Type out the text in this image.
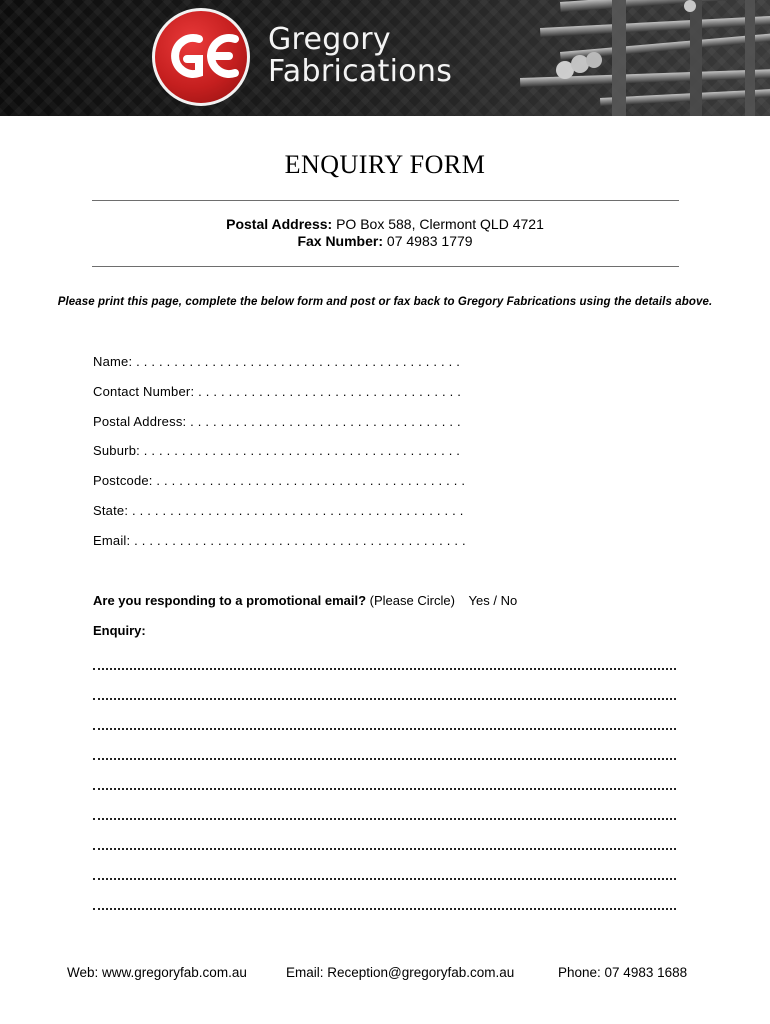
Gregory
Fabrications
ENQUIRY FORM
Postal Address: PO Box 588, Clermont QLD 4721
Fax Number: 07 4983 1779
Please print this page, complete the below form and post or fax back to Gregory Fabrications using the details above.
Name: . . . . . . . . . . . . . . . . . . . . . . . . . . . . . . . . . . . . . . . . . . .
Contact Number: . . . . . . . . . . . . . . . . . . . . . . . . . . . . . . . . . . .
Postal Address: . . . . . . . . . . . . . . . . . . . . . . . . . . . . . . . . . . . .
Suburb: . . . . . . . . . . . . . . . . . . . . . . . . . . . . . . . . . . . . . . . . . .
Postcode: . . . . . . . . . . . . . . . . . . . . . . . . . . . . . . . . . . . . . . . . .
State: . . . . . . . . . . . . . . . . . . . . . . . . . . . . . . . . . . . . . . . . . . . .
Email: . . . . . . . . . . . . . . . . . . . . . . . . . . . . . . . . . . . . . . . . . . . .
Are you responding to a promotional email? (Please Circle) Yes / No
Enquiry:
Web: www.gregoryfab.com.au	Email: Reception@gregoryfab.com.au	Phone: 07 4983 1688
